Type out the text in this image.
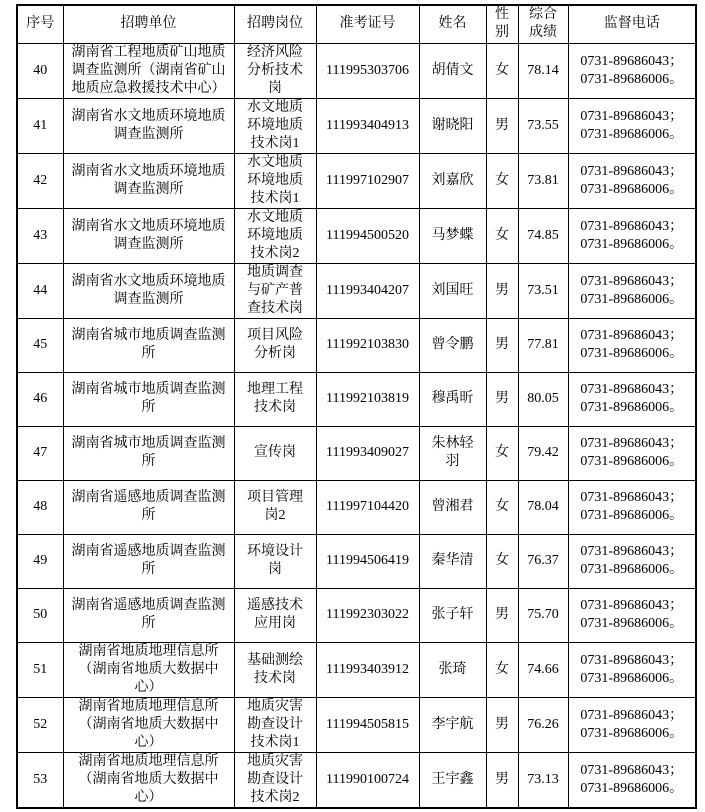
序号	招聘单位	招聘岗位	准考证号	姓名	性别	综合成绩	监督电话
40	湖南省工程地质矿山地质调查监测所（湖南省矿山地质应急救援技术中心）	经济风险分析技术岗	111995303706	胡倩文	女	78.14	0731-89686043；0731-89686006。
41	湖南省水文地质环境地质调查监测所	水文地质环境地质技术岗1	111993404913	谢晓阳	男	73.55	0731-89686043；0731-89686006。
42	湖南省水文地质环境地质调查监测所	水文地质环境地质技术岗1	111997102907	刘嘉欣	女	73.81	0731-89686043；0731-89686006。
43	湖南省水文地质环境地质调查监测所	水文地质环境地质技术岗2	111994500520	马梦蝶	女	74.85	0731-89686043；0731-89686006。
44	湖南省水文地质环境地质调查监测所	地质调查与矿产普查技术岗	111993404207	刘国旺	男	73.51	0731-89686043；0731-89686006。
45	湖南省城市地质调查监测所	项目风险分析岗	111992103830	曾令鹏	男	77.81	0731-89686043；0731-89686006。
46	湖南省城市地质调查监测所	地理工程技术岗	111992103819	穆禹昕	男	80.05	0731-89686043；0731-89686006。
47	湖南省城市地质调查监测所	宣传岗	111993409027	朱林轻羽	女	79.42	0731-89686043；0731-89686006。
48	湖南省遥感地质调查监测所	项目管理岗2	111997104420	曾湘君	女	78.04	0731-89686043；0731-89686006。
49	湖南省遥感地质调查监测所	环境设计岗	111994506419	秦华清	女	76.37	0731-89686043；0731-89686006。
50	湖南省遥感地质调查监测所	遥感技术应用岗	111992303022	张子轩	男	75.70	0731-89686043；0731-89686006。
51	湖南省地质地理信息所（湖南省地质大数据中心）	基础测绘技术岗	111993403912	张琦	女	74.66	0731-89686043；0731-89686006。
52	湖南省地质地理信息所（湖南省地质大数据中心）	地质灾害勘查设计技术岗1	111994505815	李宇航	男	76.26	0731-89686043；0731-89686006。
53	湖南省地质地理信息所（湖南省地质大数据中心）	地质灾害勘查设计技术岗2	111990100724	王宇鑫	男	73.13	0731-89686043；0731-89686006。
